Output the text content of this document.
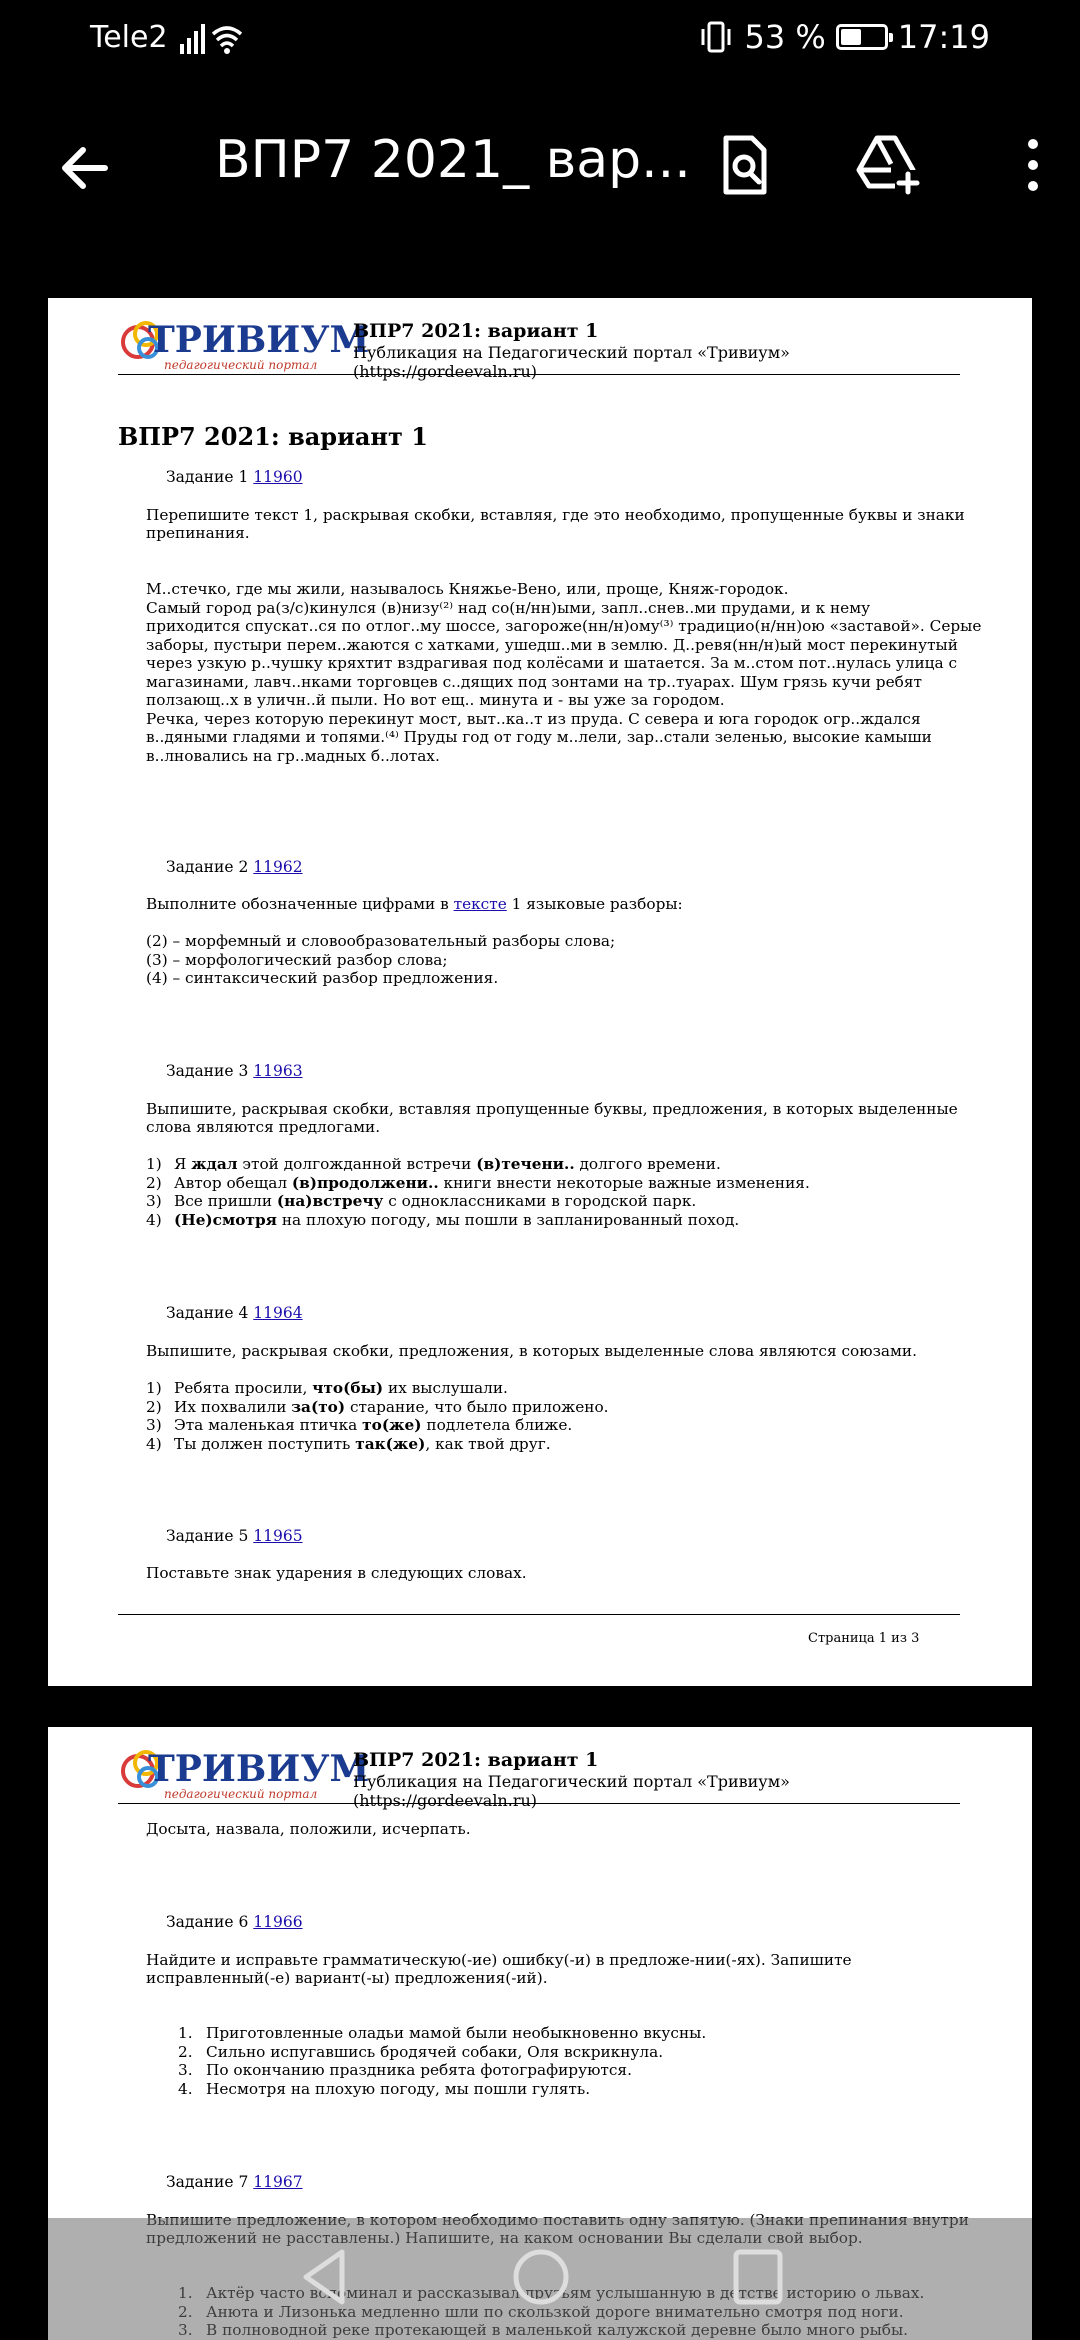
Tele2	53 % 17:19
ВПР7 2021_ вар...
ТРИВИУМ
педагогический портал
ВПР7 2021: вариант 1
Публикация на Педагогический портал «Тривиум» (https://gordeevaln.ru)
ВПР7 2021: вариант 1
Задание 1 11960
Перепишите текст 1, раскрывая скобки, вставляя, где это необходимо, пропущенные буквы и знаки
препинания.
М..стечко, где мы жили, называлось Княжье-Вено, или, проще, Княж-городок.
Самый город ра(з/с)кинулся (в)низу⁽²⁾ над со(н/нн)ыми, запл..снев..ми прудами, и к нему
приходится спускат..ся по отлог..му шоссе, загороже(нн/н)ому⁽³⁾ традицио(н/нн)ою «заставой». Серые
заборы, пустыри перем..жаются с хатками, ушедш..ми в землю. Д..ревя(нн/н)ый мост перекинутый
через узкую р..чушку кряхтит вздрагивая под колёсами и шатается. За м..стом пот..нулась улица с
магазинами, лавч..нками торговцев с..дящих под зонтами на тр..туарах. Шум грязь кучи ребят
ползающ..х в уличн..й пыли. Но вот ещ.. минута и - вы уже за городом.
Речка, через которую перекинут мост, выт..ка..т из пруда. С севера и юга городок огр..ждался
в..дяными гладями и топями.⁽⁴⁾ Пруды год от году м..лели, зар..стали зеленью, высокие камыши
в..лновались на гр..мадных б..лотах.
Задание 2 11962
Выполните обозначенные цифрами в тексте 1 языковые разборы:
(2) – морфемный и словообразовательный разборы слова;
(3) – морфологический разбор слова;
(4) – синтаксический разбор предложения.
Задание 3 11963
Выпишите, раскрывая скобки, вставляя пропущенные буквы, предложения, в которых выделенные
слова являются предлогами.
1) Я ждал этой долгожданной встречи (в)течени.. долгого времени.
2) Автор обещал (в)продолжени.. книги внести некоторые важные изменения.
3) Все пришли (на)встречу с одноклассниками в городской парк.
4) (Не)смотря на плохую погоду, мы пошли в запланированный поход.
Задание 4 11964
Выпишите, раскрывая скобки, предложения, в которых выделенные слова являются союзами.
1) Ребята просили, что(бы) их выслушали.
2) Их похвалили за(то) старание, что было приложено.
3) Эта маленькая птичка то(же) подлетела ближе.
4) Ты должен поступить так(же), как твой друг.
Задание 5 11965
Поставьте знак ударения в следующих словах.
Страница 1 из 3
ТРИВИУМ
педагогический портал
ВПР7 2021: вариант 1
Публикация на Педагогический портал «Тривиум» (https://gordeevaln.ru)
Досыта, назвала, положили, исчерпать.
Задание 6 11966
Найдите и исправьте грамматическую(-ие) ошибку(-и) в предложе-нии(-ях). Запишите
исправленный(-е) вариант(-ы) предложения(-ий).
1. Приготовленные оладьи мамой были необыкновенно вкусны.
2. Сильно испугавшись бродячей собаки, Оля вскрикнула.
3. По окончанию праздника ребята фотографируются.
4. Несмотря на плохую погоду, мы пошли гулять.
Задание 7 11967
